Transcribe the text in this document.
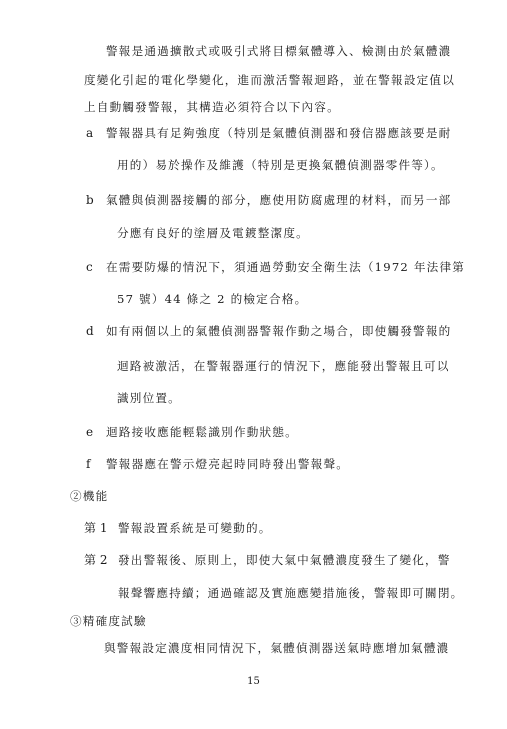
警報是通過擴散式或吸引式將目標氣體導入、檢測由於氣體濃
度變化引起的電化學變化，進而激活警報迴路，並在警報設定值以
上自動觸發警報，其構造必須符合以下內容。
a 警報器具有足夠強度（特別是氣體偵測器和發信器應該要是耐
用的）易於操作及維護（特別是更換氣體偵測器零件等）。
b 氣體與偵測器接觸的部分，應使用防腐處理的材料，而另一部
分應有良好的塗層及電鍍整潔度。
c 在需要防爆的情況下，須通過勞動安全衛生法（1972 年法律第
57 號）44 條之 2 的檢定合格。
d 如有兩個以上的氣體偵測器警報作動之場合，即使觸發警報的
迴路被激活，在警報器運行的情況下，應能發出警報且可以
識別位置。
e 迴路接收應能輕鬆識別作動狀態。
f 警報器應在警示燈亮起時同時發出警報聲。
②機能
第 1 警報設置系統是可變動的。
第 2 發出警報後、原則上，即使大氣中氣體濃度發生了變化，警
報聲響應持續；通過確認及實施應變措施後，警報即可關閉。
③精確度試驗
與警報設定濃度相同情況下，氣體偵測器送氣時應增加氣體濃
15
